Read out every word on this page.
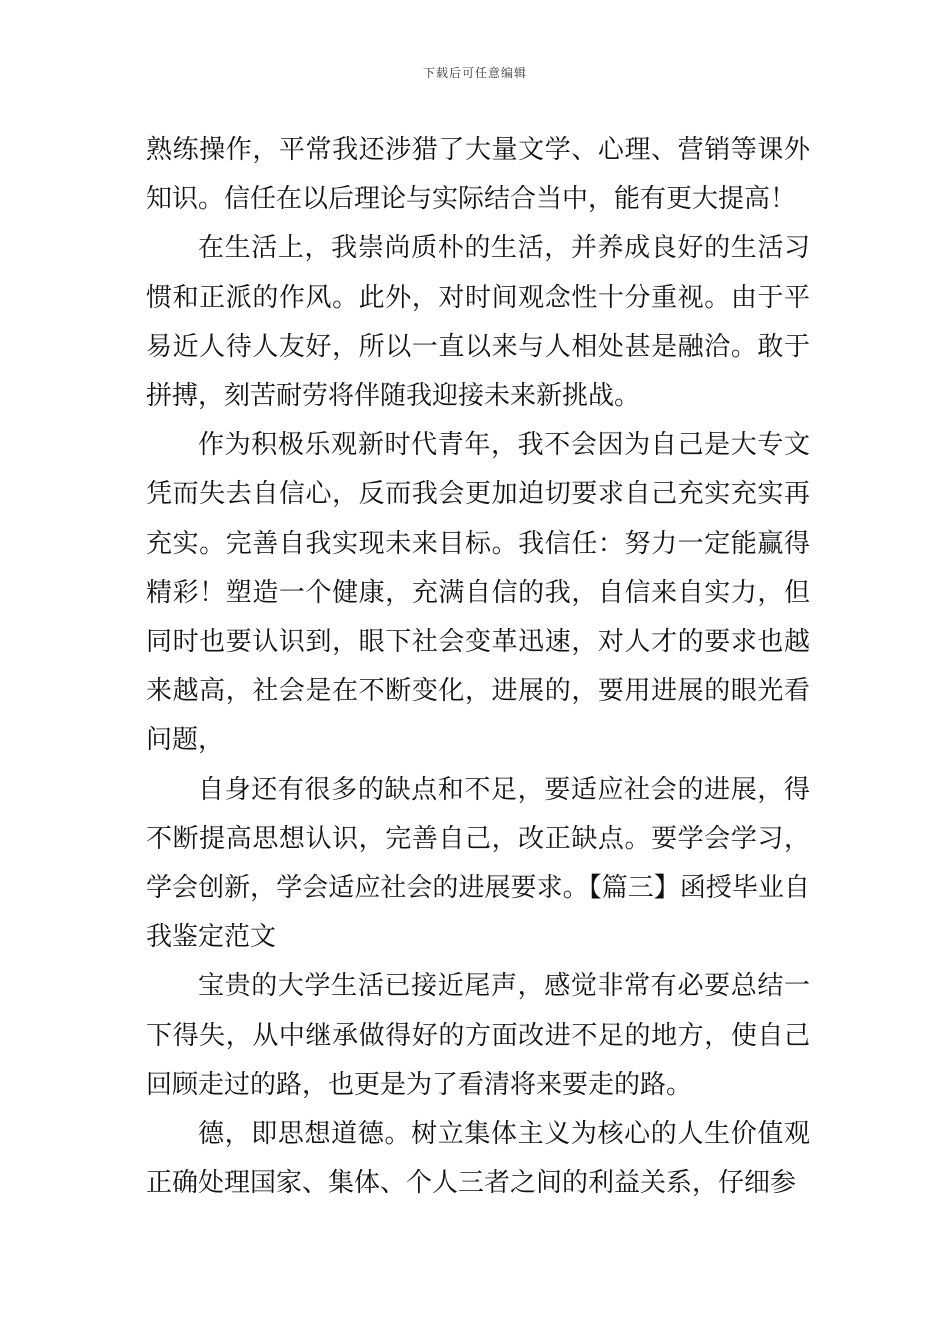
下载后可任意编辑

熟练操作，平常我还涉猎了大量文学、心理、营销等课外知识。信任在以后理论与实际结合当中，能有更大提高！

在生活上，我崇尚质朴的生活，并养成良好的生活习惯和正派的作风。此外，对时间观念性十分重视。由于平易近人待人友好，所以一直以来与人相处甚是融洽。敢于拼搏，刻苦耐劳将伴随我迎接未来新挑战。

作为积极乐观新时代青年，我不会因为自己是大专文凭而失去自信心，反而我会更加迫切要求自己充实充实再充实。完善自我实现未来目标。我信任：努力一定能赢得精彩！塑造一个健康，充满自信的我，自信来自实力，但同时也要认识到，眼下社会变革迅速，对人才的要求也越来越高，社会是在不断变化，进展的，要用进展的眼光看问题，

自身还有很多的缺点和不足，要适应社会的进展，得不断提高思想认识，完善自己，改正缺点。要学会学习，学会创新，学会适应社会的进展要求。【篇三】函授毕业自我鉴定范文

宝贵的大学生活已接近尾声，感觉非常有必要总结一下得失，从中继承做得好的方面改进不足的地方，使自己回顾走过的路，也更是为了看清将来要走的路。

德，即思想道德。树立集体主义为核心的人生价值观正确处理国家、集体、个人三者之间的利益关系，仔细参
